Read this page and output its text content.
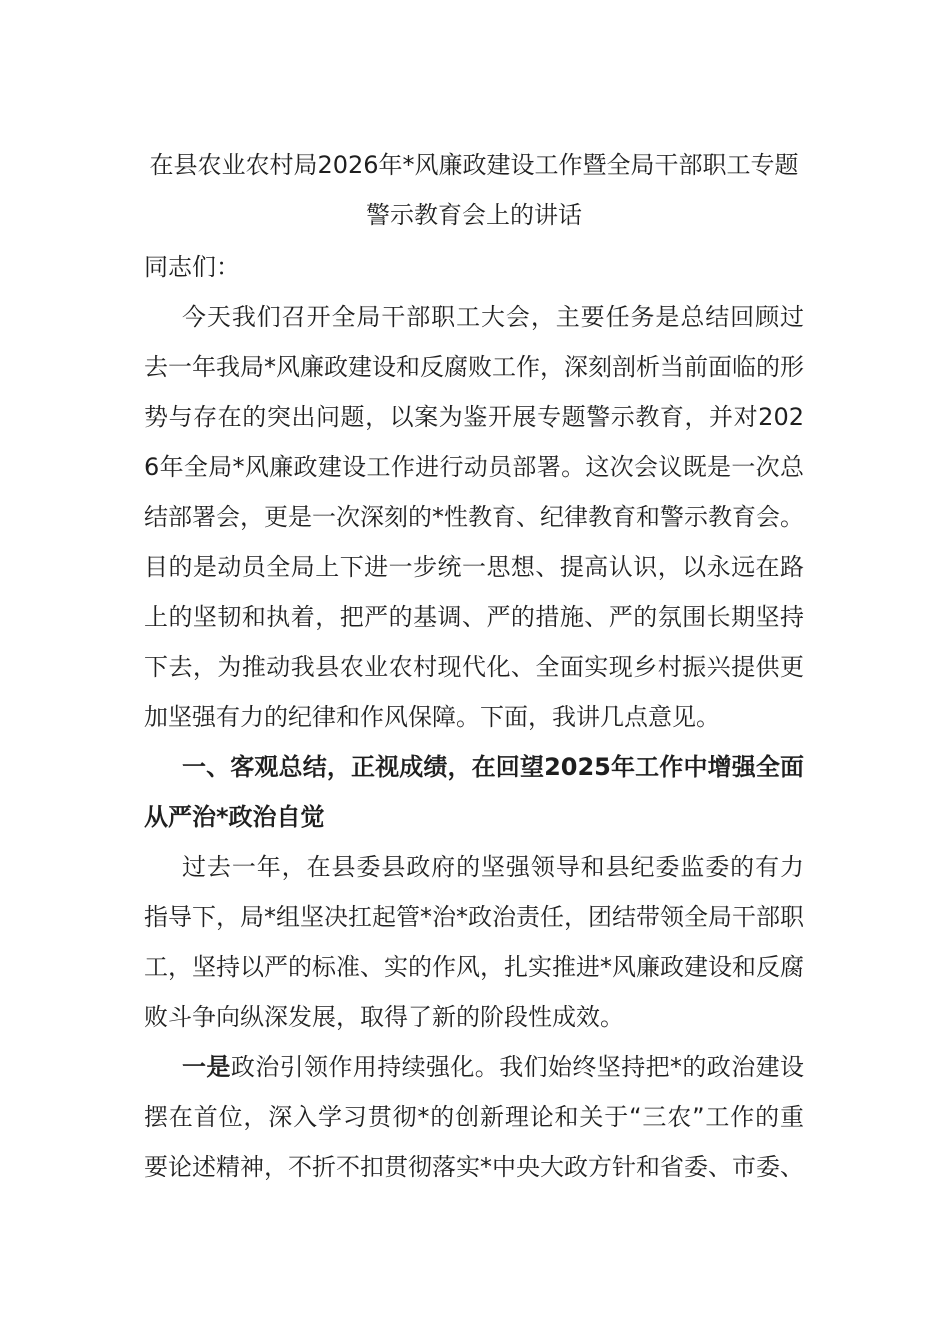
在县农业农村局2026年*风廉政建设工作暨全局干部职工专题
警示教育会上的讲话

同志们：

今天我们召开全局干部职工大会，主要任务是总结回顾过去一年我局*风廉政建设和反腐败工作，深刻剖析当前面临的形势与存在的突出问题，以案为鉴开展专题警示教育，并对2026年全局*风廉政建设工作进行动员部署。这次会议既是一次总结部署会，更是一次深刻的*性教育、纪律教育和警示教育会。目的是动员全局上下进一步统一思想、提高认识，以永远在路上的坚韧和执着，把严的基调、严的措施、严的氛围长期坚持下去，为推动我县农业农村现代化、全面实现乡村振兴提供更加坚强有力的纪律和作风保障。下面，我讲几点意见。

一、客观总结，正视成绩，在回望2025年工作中增强全面从严治*政治自觉

过去一年，在县委县政府的坚强领导和县纪委监委的有力指导下，局*组坚决扛起管*治*政治责任，团结带领全局干部职工，坚持以严的标准、实的作风，扎实推进*风廉政建设和反腐败斗争向纵深发展，取得了新的阶段性成效。

一是政治引领作用持续强化。我们始终坚持把*的政治建设摆在首位，深入学习贯彻*的创新理论和关于“三农”工作的重要论述精神，不折不扣贯彻落实*中央大政方针和省委、市委、
